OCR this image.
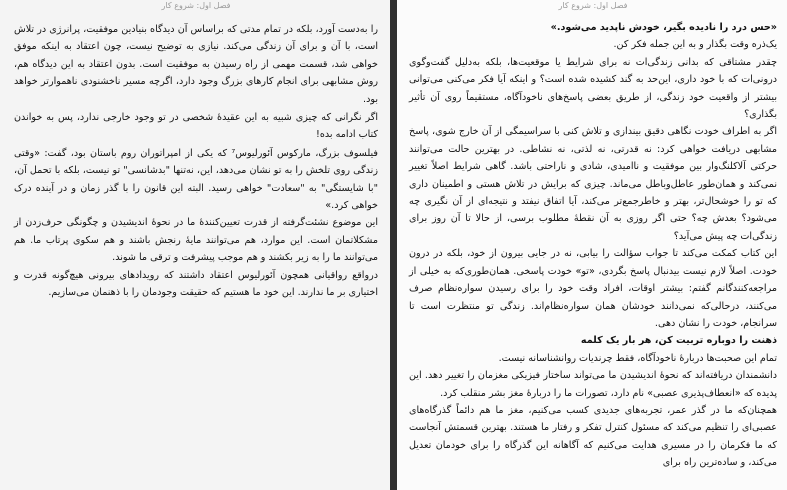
فصل اول: شروع کار

را به‌دست آورد، بلکه در تمام مدتی که براساس آن دیدگاه بنیادین موفقیت، پرانرژی در تلاش است، با آن و برای آن زندگی می‌کند. نیازی به توضیح نیست، چون اعتقاد به اینکه موفق خواهی شد، قسمت مهمی از راه رسیدن به موفقیت است. بدون اعتقاد به این دیدگاه هم، روش مشابهی برای انجام کارهای بزرگ وجود دارد، اگرچه مسیر ناخشنودی ناهموارتر خواهد بود.

اگر نگرانی که چیزی شبیه به این عقیدهٔ شخصی در تو وجود خارجی ندارد، پس به خواندن کتاب ادامه بده!

فیلسوف بزرگ، مارکوس آئورلیوس⁷ که یکی از امپراتوران روم باستان بود، گفت: «وقتی زندگی روی تلخش را به تو نشان می‌دهد، این، نه‌تنها "بدشانسی" تو نیست، بلکه با تحمل آن، "با شایستگی" به "سعادت" خواهی رسید. البته این قانون را با گذر زمان و در آینده درک خواهی کرد.»

این موضوع نشئت‌گرفته از قدرت تعیین‌کنندهٔ ما در نحوهٔ اندیشیدن و چگونگی حرف‌زدن از مشکلاتمان است. این موارد، هم می‌توانند مایهٔ رنجش باشند و هم سکوی پرتاب ما. هم می‌توانند ما را به زیر بکشند و هم موجب پیشرفت و ترقی ما شوند.

درواقع رواقیانی همچون آئورلیوس اعتقاد داشتند که رویدادهای بیرونی هیچ‌گونه قدرت و اختیاری بر ما ندارند. این خود ما هستیم که حقیقت وجودمان را با ذهنمان می‌سازیم.

فصل اول: شروع کار

«حس درد را نادیده بگیر، خودش ناپدید می‌شود.»

یک‌ذره وقت بگذار و به این جمله فکر کن.

چقدر مشتاقی که بدانی زندگی‌ات نه برای شرایط یا موقعیت‌ها، بلکه به‌دلیل گفت‌وگوی درونی‌ات که با خود داری، این‌حد به گند کشیده شده است؟ و اینکه آیا فکر می‌کنی می‌توانی بیشتر از واقعیت خود زندگی، از طریق بعضی پاسخ‌های ناخودآگاه، مستقیماً روی آن تأثیر بگذاری؟

اگر به اطراف خودت نگاهی دقیق بیندازی و تلاش کنی با سراسیمگی از آن خارج شوی، پاسخ مشابهی دریافت خواهی کرد: نه قدرتی، نه لذتی، نه نشاطی. در بهترین حالت می‌توانند حرکتی آلاکلنگ‌وار بین موفقیت و ناامیدی، شادی و ناراحتی باشد. گاهی شرایط اصلاً تغییر نمی‌کند و همان‌طور عاطل‌وباطل می‌ماند. چیزی که برایش در تلاش هستی و اطمینان داری که تو را خوشحال‌تر، بهتر و خاطرجمع‌تر می‌کند، آیا اتفاق نیفتد و نتیجه‌ای از آن نگیری چه می‌شود؟ بعدش چه؟ حتی اگر روزی به آن نقطهٔ مطلوب برسی، از حالا تا آن روز برای زندگی‌ات چه پیش می‌آید؟

این کتاب کمکت می‌کند تا جواب سؤالت را بیابی، نه در جایی بیرون از خود، بلکه در درون خودت. اصلاً لازم نیست بیدنبال پاسخ بگردی، «تو» خودت پاسخی. همان‌طوری‌که به خیلی از مراجعه‌کنندگانم گفتم: بیشتر اوقات، افراد وقت خود را برای رسیدن سواره‌نظام صرف می‌کنند، درحالی‌که نمی‌دانند خودشان همان سواره‌نظام‌اند. زندگی تو منتظرت است تا سرانجام، خودت را نشان دهی.

ذهنت را دوباره تربیت کن، هر بار یک کلمه

تمام این صحبت‌ها دربارهٔ ناخودآگاه، فقط چرندیات روانشناسانه نیست.

دانشمندان دریافته‌اند که نحوهٔ اندیشیدن ما می‌تواند ساختار فیزیکی مغزمان را تغییر دهد. این پدیده که «انعطاف‌پذیری عصبی» نام دارد، تصورات ما را دربارهٔ مغز بشر منقلب کرد.

همچنان‌که ما در گذر عمر، تجربه‌های جدیدی کسب می‌کنیم، مغز ما هم دائماً گذرگاه‌های عصبی‌ای را تنظیم می‌کند که مسئول کنترل تفکر و رفتار ما هستند. بهترین قسمتش آنجاست که ما فکرمان را در مسیری هدایت می‌کنیم که آگاهانه این گذرگاه را برای خودمان تعدیل می‌کند، و ساده‌ترین راه برای
